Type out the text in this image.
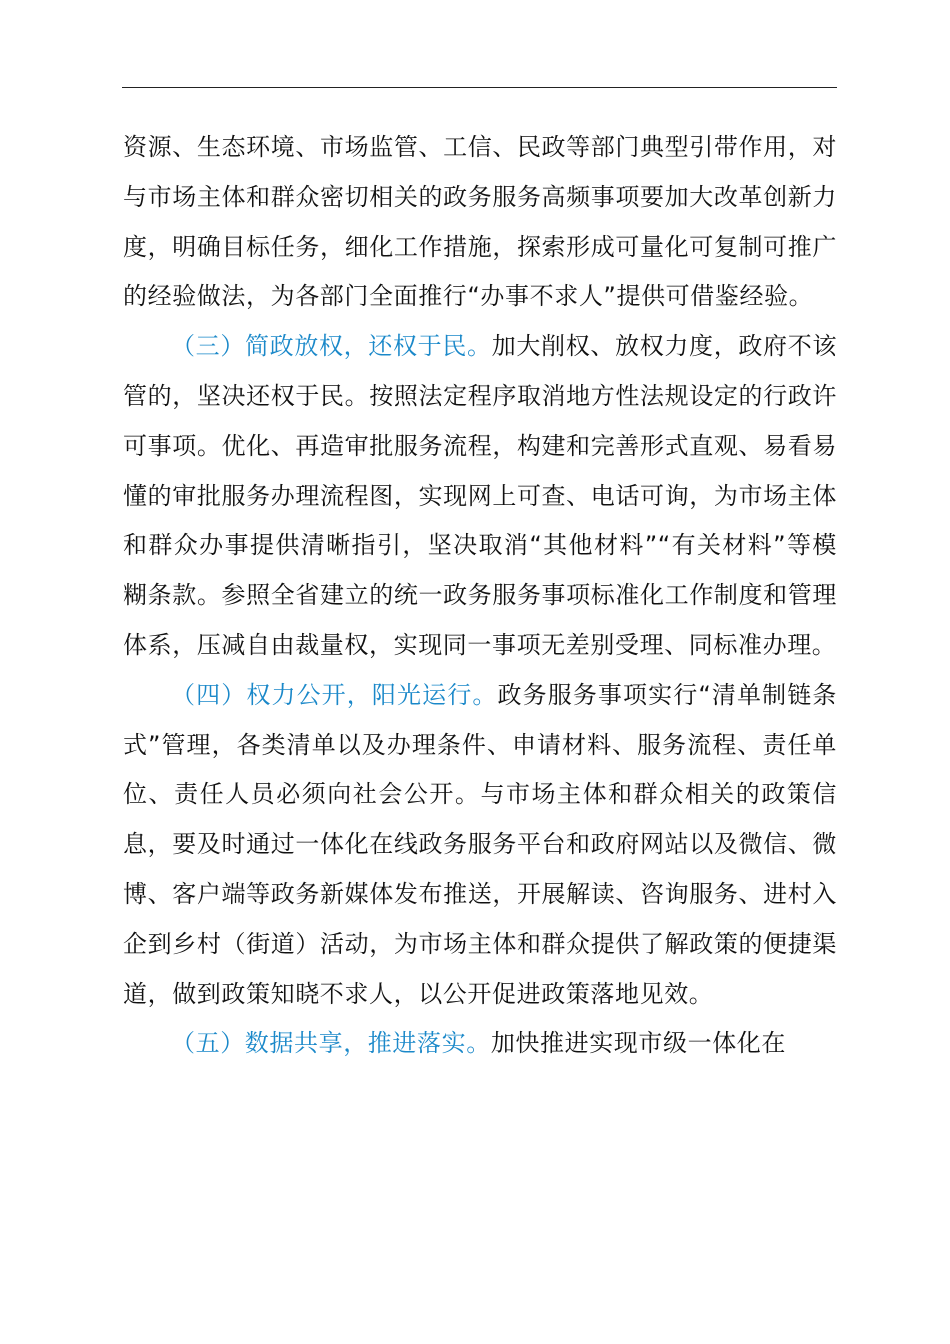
资源、生态环境、市场监管、工信、民政等部门典型引带作用，对与市场主体和群众密切相关的政务服务高频事项要加大改革创新力度，明确目标任务，细化工作措施，探索形成可量化可复制可推广的经验做法，为各部门全面推行“办事不求人”提供可借鉴经验。

（三）简政放权，还权于民。加大削权、放权力度，政府不该管的，坚决还权于民。按照法定程序取消地方性法规设定的行政许可事项。优化、再造审批服务流程，构建和完善形式直观、易看易懂的审批服务办理流程图，实现网上可查、电话可询，为市场主体和群众办事提供清晰指引，坚决取消“其他材料”“有关材料”等模糊条款。参照全省建立的统一政务服务事项标准化工作制度和管理体系，压减自由裁量权，实现同一事项无差别受理、同标准办理。

（四）权力公开，阳光运行。政务服务事项实行“清单制链条式”管理，各类清单以及办理条件、申请材料、服务流程、责任单位、责任人员必须向社会公开。与市场主体和群众相关的政策信息，要及时通过一体化在线政务服务平台和政府网站以及微信、微博、客户端等政务新媒体发布推送，开展解读、咨询服务、进村入企到乡村（街道）活动，为市场主体和群众提供了解政策的便捷渠道，做到政策知晓不求人，以公开促进政策落地见效。

（五）数据共享，推进落实。加快推进实现市级一体化在
